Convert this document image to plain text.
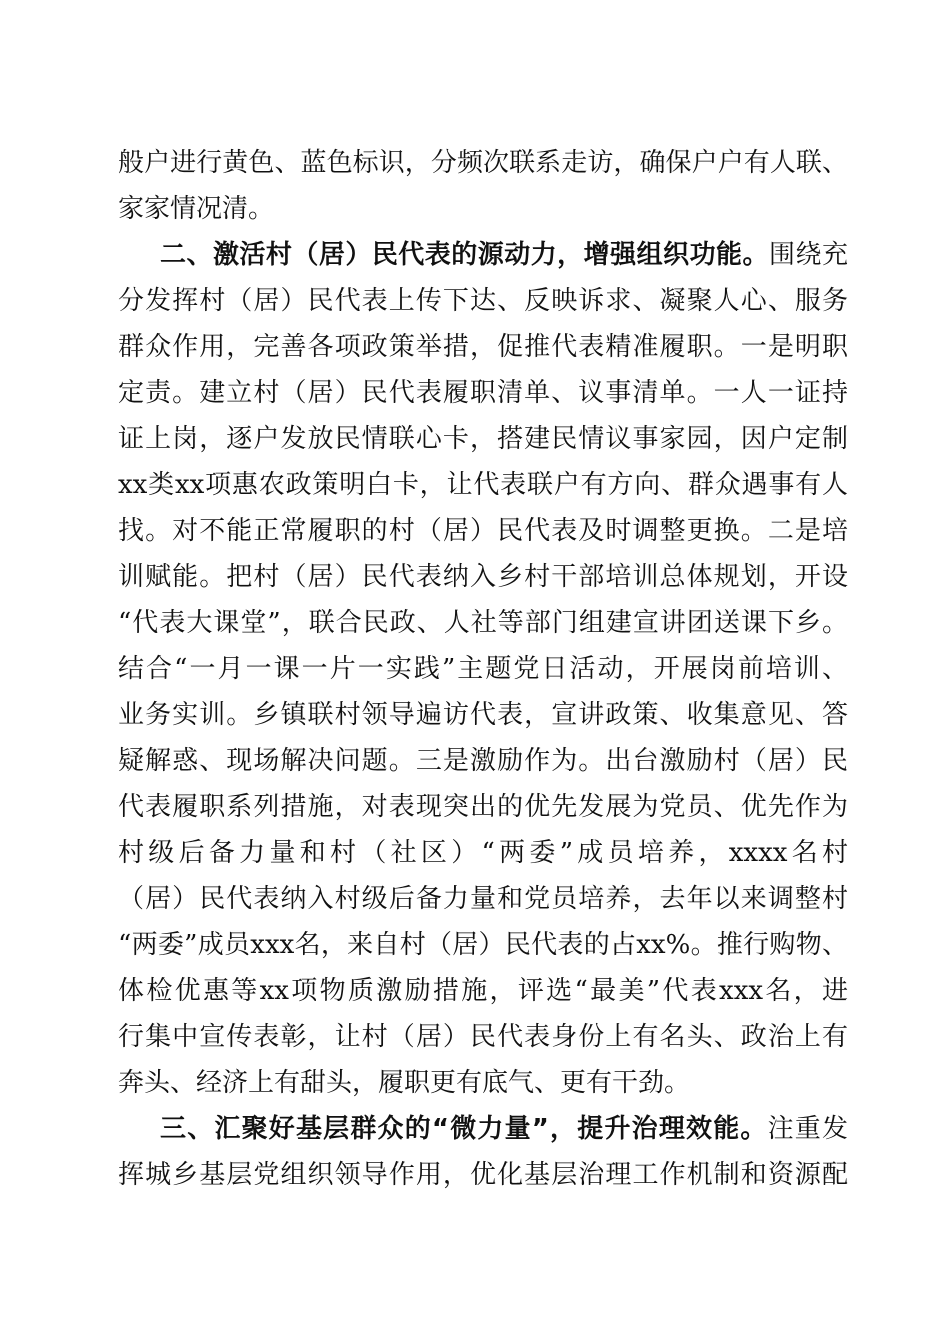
般户进行黄色、蓝色标识，分频次联系走访，确保户户有人联、
家家情况清。
二、激活村（居）民代表的源动力，增强组织功能。围绕充
分发挥村（居）民代表上传下达、反映诉求、凝聚人心、服务
群众作用，完善各项政策举措，促推代表精准履职。一是明职
定责。建立村（居）民代表履职清单、议事清单。一人一证持
证上岗，逐户发放民情联心卡，搭建民情议事家园，因户定制
xx类xx项惠农政策明白卡，让代表联户有方向、群众遇事有人
找。对不能正常履职的村（居）民代表及时调整更换。二是培
训赋能。把村（居）民代表纳入乡村干部培训总体规划，开设
“代表大课堂”，联合民政、人社等部门组建宣讲团送课下乡。
结合“一月一课一片一实践”主题党日活动，开展岗前培训、
业务实训。乡镇联村领导遍访代表，宣讲政策、收集意见、答
疑解惑、现场解决问题。三是激励作为。出台激励村（居）民
代表履职系列措施，对表现突出的优先发展为党员、优先作为
村级后备力量和村（社区）“两委”成员培养，xxxx名村
（居）民代表纳入村级后备力量和党员培养，去年以来调整村
“两委”成员xxx名，来自村（居）民代表的占xx%。推行购物、
体检优惠等xx项物质激励措施，评选“最美”代表xxx名，进
行集中宣传表彰，让村（居）民代表身份上有名头、政治上有
奔头、经济上有甜头，履职更有底气、更有干劲。
三、汇聚好基层群众的“微力量”，提升治理效能。注重发
挥城乡基层党组织领导作用，优化基层治理工作机制和资源配
